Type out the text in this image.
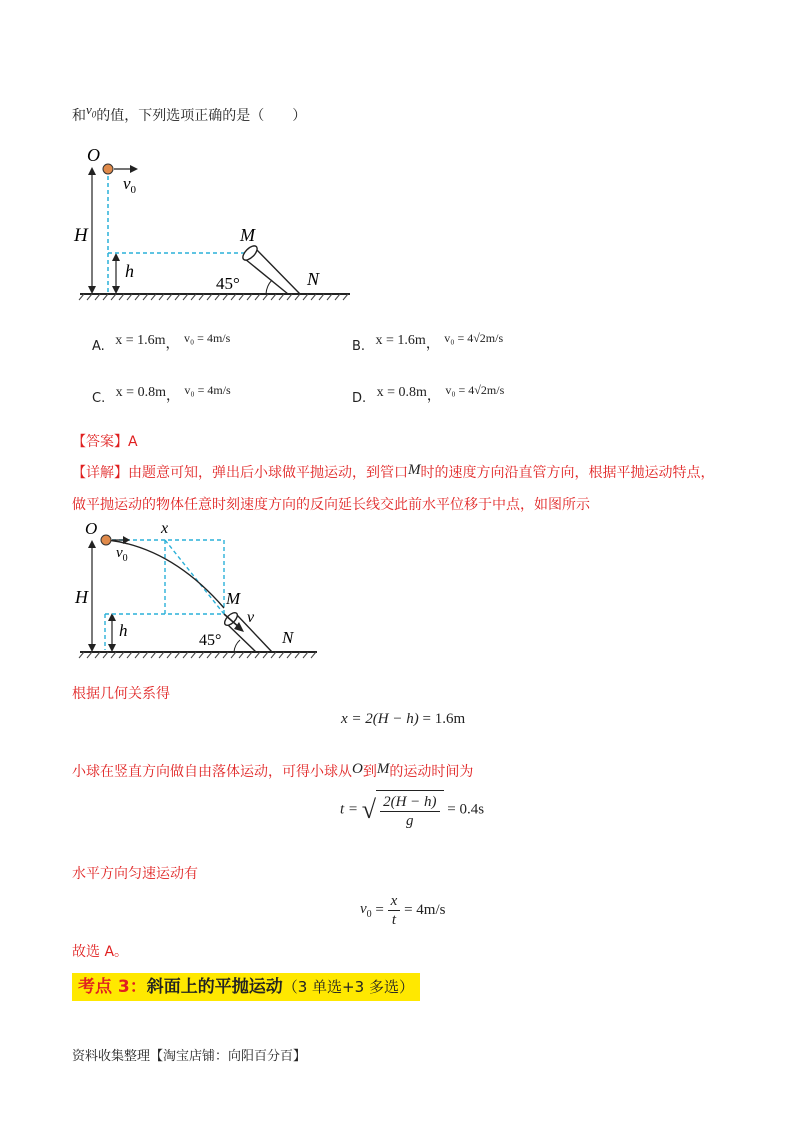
和$v_0$的值，下列选项正确的是（　　）
O
$v_0$
H
h
M
N
45°
A. x = 1.6m， v₀ = 4m/s
B. x = 1.6m， v₀ = 4√2m/s
C. x = 0.8m， v₀ = 4m/s
D. x = 0.8m， v₀ = 4√2m/s
【答案】A
【详解】由题意可知，弹出后小球做平抛运动，到管口M时的速度方向沿直管方向，根据平抛运动特点，
做平抛运动的物体任意时刻速度方向的反向延长线交此前水平位移于中点，如图所示
O	x
$v_0$
H
h
M
v
N
45°
根据几何关系得
x = 2(H − h) = 1.6m
小球在竖直方向做自由落体运动，可得小球从O到M的运动时间为
t = √ $\frac{2(H - h)}{g} = 0.4s$
水平方向匀速运动有
$v_0 = \frac{x}{t} = 4m/s$
故选 A。
考点 3：斜面上的平抛运动（3 单选+3 多选）
资料收集整理【淘宝店铺：向阳百分百】
